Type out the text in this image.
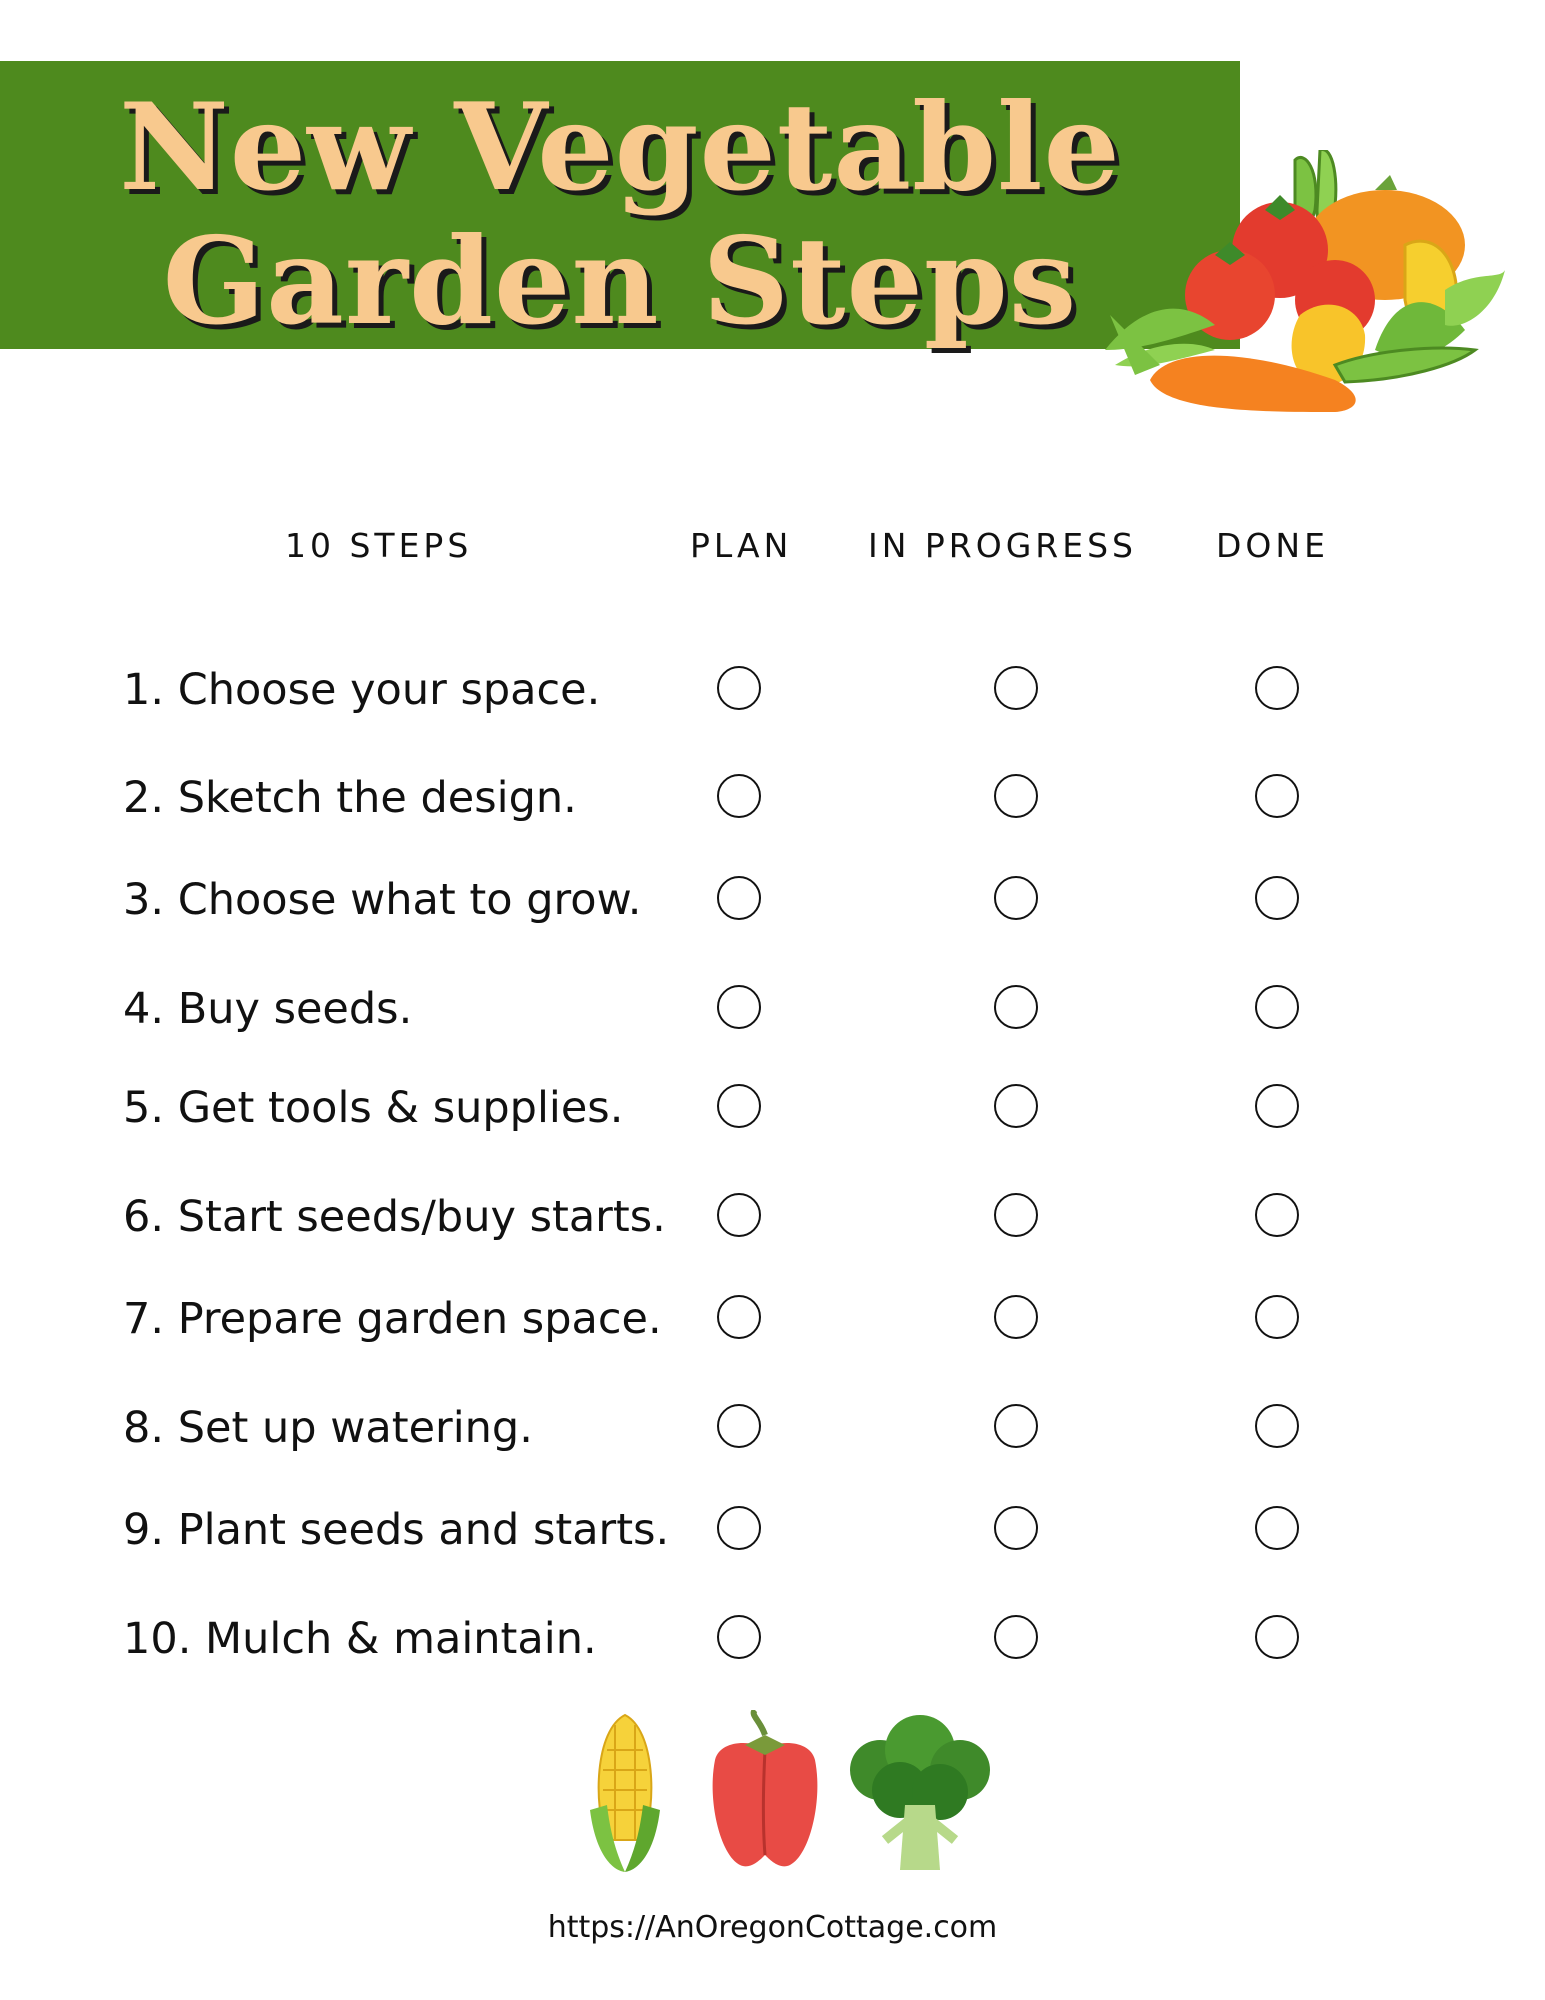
New Vegetable
Garden Steps
10 STEPS	PLAN IN PROGRESS DONE
1. Choose your space.
2. Sketch the design.
3. Choose what to grow.
4. Buy seeds.
5. Get tools & supplies.
6. Start seeds/buy starts.
7. Prepare garden space.
8. Set up watering.
9. Plant seeds and starts.
10. Mulch & maintain.
https://AnOregonCottage.com
